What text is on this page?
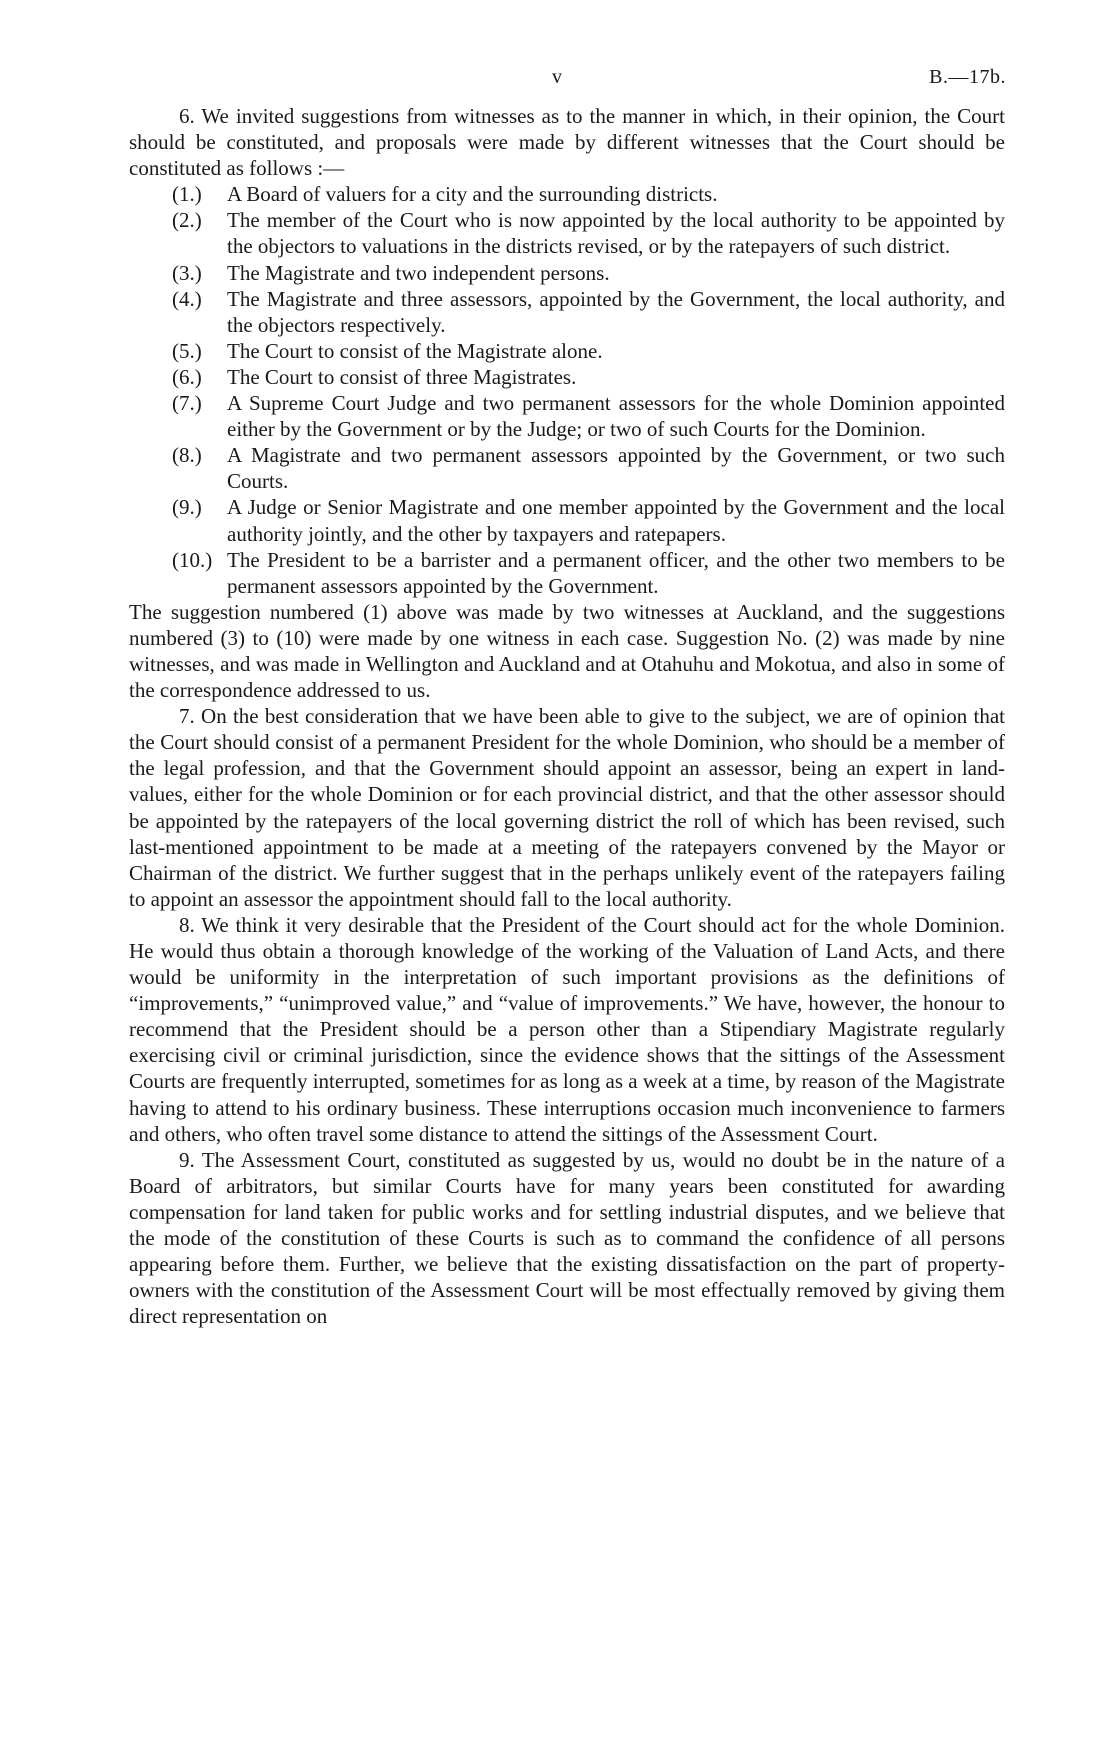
v	B.—17b.

6. We invited suggestions from witnesses as to the manner in which, in their opinion, the Court should be constituted, and proposals were made by different witnesses that the Court should be constituted as follows :—

(1.) A Board of valuers for a city and the surrounding districts.
(2.) The member of the Court who is now appointed by the local authority to be appointed by the objectors to valuations in the districts revised, or by the ratepayers of such district.
(3.) The Magistrate and two independent persons.
(4.) The Magistrate and three assessors, appointed by the Government, the local authority, and the objectors respectively.
(5.) The Court to consist of the Magistrate alone.
(6.) The Court to consist of three Magistrates.
(7.) A Supreme Court Judge and two permanent assessors for the whole Dominion appointed either by the Government or by the Judge; or two of such Courts for the Dominion.
(8.) A Magistrate and two permanent assessors appointed by the Government, or two such Courts.
(9.) A Judge or Senior Magistrate and one member appointed by the Government and the local authority jointly, and the other by taxpayers and ratepapers.
(10.) The President to be a barrister and a permanent officer, and the other two members to be permanent assessors appointed by the Government.

The suggestion numbered (1) above was made by two witnesses at Auckland, and the suggestions numbered (3) to (10) were made by one witness in each case. Suggestion No. (2) was made by nine witnesses, and was made in Wellington and Auckland and at Otahuhu and Mokotua, and also in some of the correspondence addressed to us.

7. On the best consideration that we have been able to give to the subject, we are of opinion that the Court should consist of a permanent President for the whole Dominion, who should be a member of the legal profession, and that the Government should appoint an assessor, being an expert in land-values, either for the whole Dominion or for each provincial district, and that the other assessor should be appointed by the ratepayers of the local governing district the roll of which has been revised, such last-mentioned appointment to be made at a meeting of the ratepayers convened by the Mayor or Chairman of the district. We further suggest that in the perhaps unlikely event of the ratepayers failing to appoint an assessor the appointment should fall to the local authority.

8. We think it very desirable that the President of the Court should act for the whole Dominion. He would thus obtain a thorough knowledge of the working of the Valuation of Land Acts, and there would be uniformity in the interpretation of such important provisions as the definitions of “improvements,” “unimproved value,” and “value of improvements.” We have, however, the honour to recommend that the President should be a person other than a Stipendiary Magistrate regularly exercising civil or criminal jurisdiction, since the evidence shows that the sittings of the Assessment Courts are frequently interrupted, sometimes for as long as a week at a time, by reason of the Magistrate having to attend to his ordinary business. These interruptions occasion much inconvenience to farmers and others, who often travel some distance to attend the sittings of the Assessment Court.

9. The Assessment Court, constituted as suggested by us, would no doubt be in the nature of a Board of arbitrators, but similar Courts have for many years been constituted for awarding compensation for land taken for public works and for settling industrial disputes, and we believe that the mode of the constitution of these Courts is such as to command the confidence of all persons appearing before them. Further, we believe that the existing dissatisfaction on the part of property-owners with the constitution of the Assessment Court will be most effectually removed by giving them direct representation on
